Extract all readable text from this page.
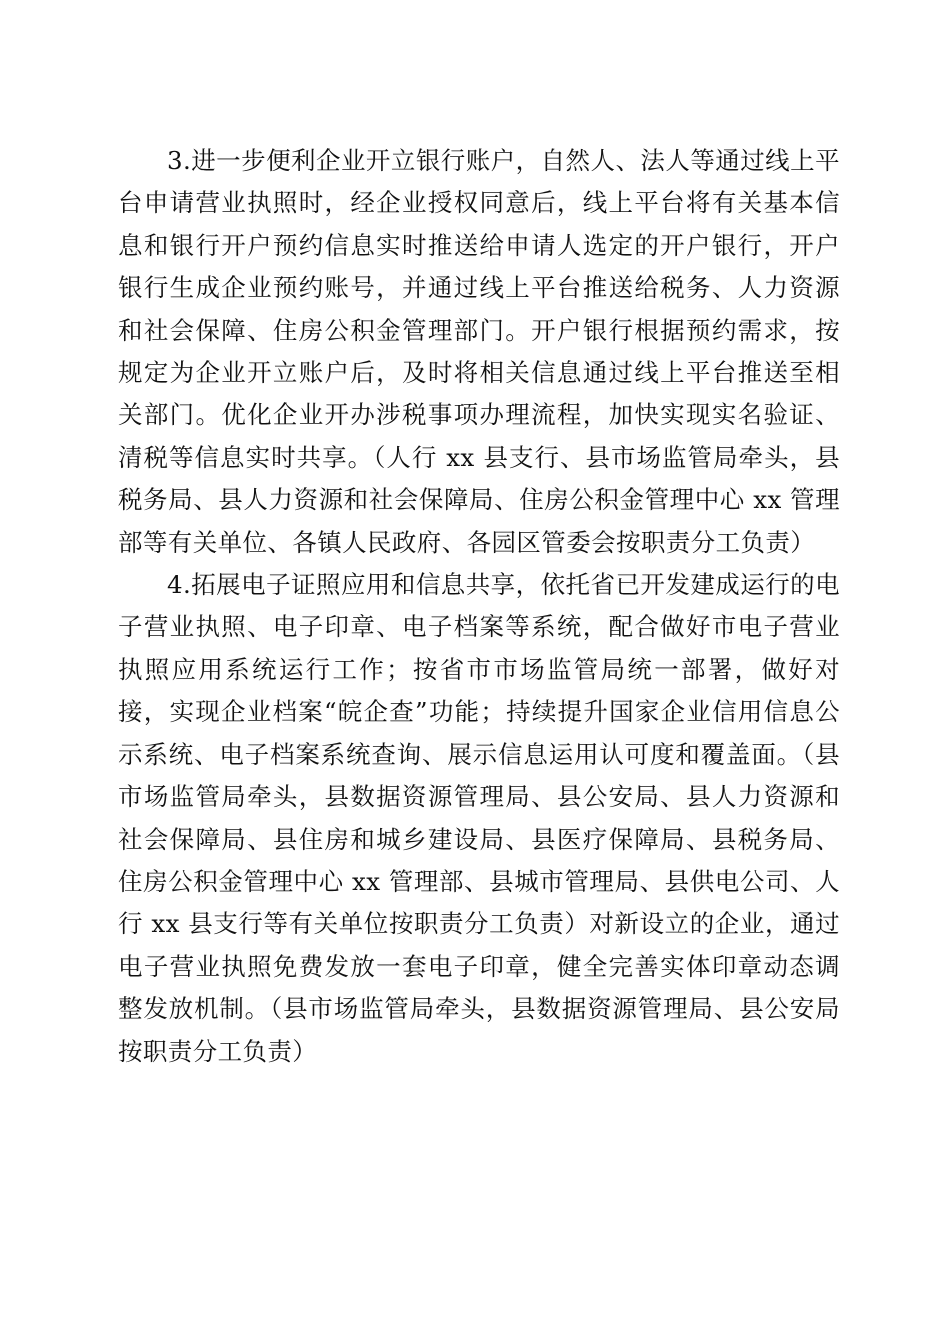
3.进一步便利企业开立银行账户，自然人、法人等通过线上平台申请营业执照时，经企业授权同意后，线上平台将有关基本信息和银行开户预约信息实时推送给申请人选定的开户银行，开户银行生成企业预约账号，并通过线上平台推送给税务、人力资源和社会保障、住房公积金管理部门。开户银行根据预约需求，按规定为企业开立账户后，及时将相关信息通过线上平台推送至相关部门。优化企业开办涉税事项办理流程，加快实现实名验证、清税等信息实时共享。（人行 xx 县支行、县市场监管局牵头，县税务局、县人力资源和社会保障局、住房公积金管理中心 xx 管理部等有关单位、各镇人民政府、各园区管委会按职责分工负责）

4.拓展电子证照应用和信息共享，依托省已开发建成运行的电子营业执照、电子印章、电子档案等系统，配合做好市电子营业执照应用系统运行工作；按省市市场监管局统一部署，做好对接，实现企业档案“皖企查”功能；持续提升国家企业信用信息公示系统、电子档案系统查询、展示信息运用认可度和覆盖面。（县市场监管局牵头，县数据资源管理局、县公安局、县人力资源和社会保障局、县住房和城乡建设局、县医疗保障局、县税务局、住房公积金管理中心 xx 管理部、县城市管理局、县供电公司、人行 xx 县支行等有关单位按职责分工负责）对新设立的企业，通过电子营业执照免费发放一套电子印章，健全完善实体印章动态调整发放机制。（县市场监管局牵头，县数据资源管理局、县公安局按职责分工负责）
